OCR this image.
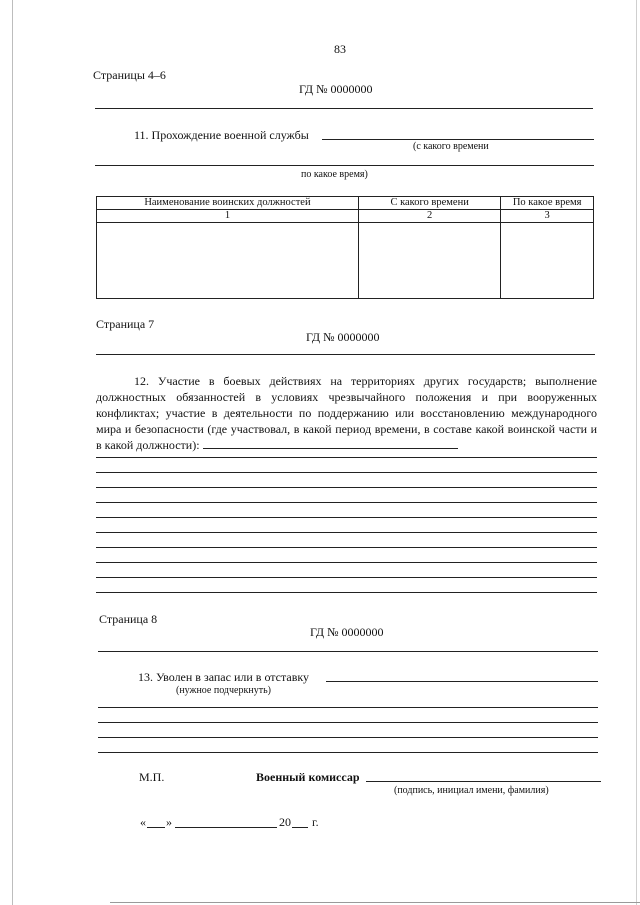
83
Страницы 4–6
ГД № 0000000
11. Прохождение военной службы
(с какого времени
по какое время)
Наименование воинских должностей	С какого времени	По какое время
1	2	3

Страница 7
ГД № 0000000
12. Участие в боевых действиях на территориях других государств; выполнение должностных обязанностей в условиях чрезвычайного положения и при вооруженных конфликтах; участие в деятельности по поддержанию или восстановлению международного мира и безопасности (где участвовал, в какой период времени, в составе какой воинской части и в какой должности):
Страница 8
ГД № 0000000
13. Уволен в запас или в отставку
(нужное подчеркнуть)
М.П.	Военный комиссар
(подпись, инициал имени, фамилия)
« »	20 г.
